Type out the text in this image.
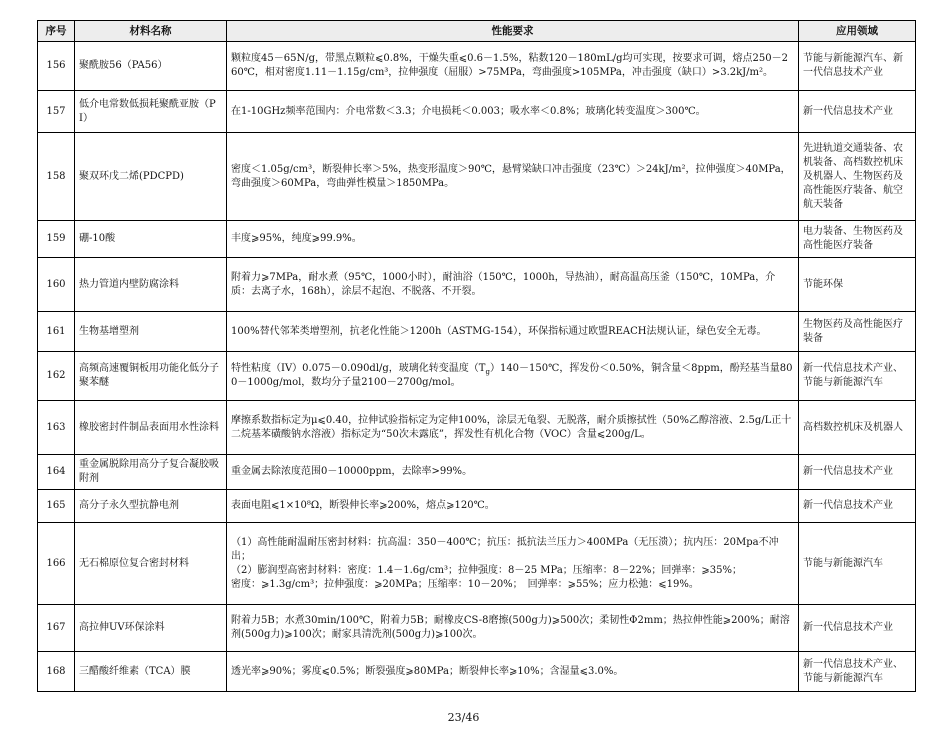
序号	材料名称	性能要求	应用领域
156	聚酰胺56（PA56）	颗粒度45－65N/g，带黑点颗粒⩽0.8%，干燥失重⩽0.6－1.5%，粘数120－180mL/g均可实现，按要求可调，熔点250－260℃，相对密度1.11－1.15g/cm³，拉伸强度（屈服）>75MPa，弯曲强度>105MPa，冲击强度（缺口）>3.2kJ/m²。	节能与新能源汽车、新一代信息技术产业
157	低介电常数低损耗聚酰亚胺（PI）	在1-10GHz频率范围内：介电常数＜3.3；介电损耗＜0.003；吸水率＜0.8%；玻璃化转变温度＞300℃。	新一代信息技术产业
158	聚双环戊二烯(PDCPD)	密度＜1.05g/cm³，断裂伸长率＞5%，热变形温度＞90℃，悬臂梁缺口冲击强度（23℃）＞24kJ/m²，拉伸强度＞40MPa，弯曲强度＞60MPa，弯曲弹性模量＞1850MPa。	先进轨道交通装备、农机装备、高档数控机床及机器人、生物医药及高性能医疗装备、航空航天装备
159	硼-10酸	丰度⩾95%，纯度⩾99.9%。	电力装备、生物医药及高性能医疗装备
160	热力管道内壁防腐涂料	附着力⩾7MPa，耐水煮（95℃，1000小时），耐油浴（150℃，1000h，导热油），耐高温高压釜（150℃，10MPa，介质：去离子水，168h），涂层不起泡、不脱落、不开裂。	节能环保
161	生物基增塑剂	100%替代邻苯类增塑剂，抗老化性能＞1200h（ASTMG-154），环保指标通过欧盟REACH法规认证，绿色安全无毒。	生物医药及高性能医疗装备
162	高频高速覆铜板用功能化低分子聚苯醚	特性粘度（IV）0.075－0.090dl/g，玻璃化转变温度$(T_g)140-150℃$，挥发份＜0.50%，铜含量＜8ppm，酚羟基当量800－1000g/mol，数均分子量2100－2700g/mol。	新一代信息技术产业、节能与新能源汽车
163	橡胶密封件制品表面用水性涂料	摩擦系数指标定为μ⩽0.40，拉伸试验指标定为定伸100%，涂层无龟裂、无脱落，耐介质擦拭性（50%乙醇溶液、2.5g/L正十二烷基苯磺酸钠水溶液）指标定为“50次未露底”，挥发性有机化合物（VOC）含量⩽200g/L。	高档数控机床及机器人
164	重金属脱除用高分子复合凝胶吸附剂	重金属去除浓度范围0－10000ppm，去除率>99%。	新一代信息技术产业
165	高分子永久型抗静电剂	表面电阻⩽1×10⁸Ω，断裂伸长率⩾200%，熔点⩾120℃。	新一代信息技术产业
166	无石棉原位复合密封材料	（1）高性能耐温耐压密封材料：抗高温：350－400℃；抗压：抵抗法兰压力＞400MPa（无压溃）；抗内压：20Mpa不冲出；
（2）膨润型高密封材料：密度：1.4－1.6g/cm³；拉伸强度：8－25 MPa；压缩率：8－22%；回弹率：⩾35%；
密度：⩾1.3g/cm³；拉伸强度：⩾20MPa；压缩率：10－20%；　回弹率：⩾55%；应力松弛：⩽19%。	节能与新能源汽车
167	高拉伸UV环保涂料	附着力5B；水煮30min/100℃，附着力5B；耐橡皮CS-8磨擦(500g力)⩾500次；柔韧性Φ2mm；热拉伸性能⩾200%；耐溶剂(500g力)⩾100次；耐家具清洗剂(500g力)⩾100次。	新一代信息技术产业
168	三醋酸纤维素（TCA）膜	透光率⩾90%；雾度⩽0.5%；断裂强度⩾80MPa；断裂伸长率⩾10%；含湿量⩽3.0%。	新一代信息技术产业、节能与新能源汽车
23/46
